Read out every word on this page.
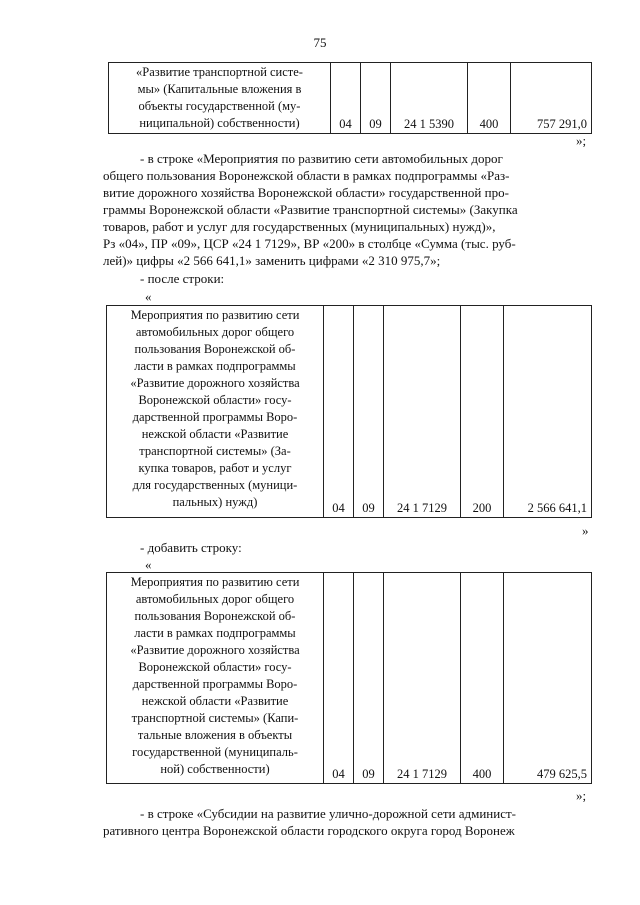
75
«Развитие транспортной систе-
мы» (Капитальные вложения в
объекты государственной (му-
ниципальной) собственности)	04	09	24 1 5390	400	757 291,0
»;
- в строке «Мероприятия по развитию сети автомобильных дорог
общего пользования Воронежской области в рамках подпрограммы «Раз-
витие дорожного хозяйства Воронежской области» государственной про-
граммы Воронежской области «Развитие транспортной системы» (Закупка
товаров, работ и услуг для государственных (муниципальных) нужд)»,
Рз «04», ПР «09», ЦСР «24 1 7129», ВР «200» в столбце «Сумма (тыс. руб-
лей)» цифры «2 566 641,1» заменить цифрами «2 310 975,7»;
- после строки:
«
Мероприятия по развитию сети
автомобильных дорог общего
пользования Воронежской об-
ласти в рамках подпрограммы
«Развитие дорожного хозяйства
Воронежской области» госу-
дарственной программы Воро-
нежской области «Развитие
транспортной системы» (За-
купка товаров, работ и услуг
для государственных (муници-
пальных) нужд)	04	09	24 1 7129	200	2 566 641,1
»
- добавить строку:
«
Мероприятия по развитию сети
автомобильных дорог общего
пользования Воронежской об-
ласти в рамках подпрограммы
«Развитие дорожного хозяйства
Воронежской области» госу-
дарственной программы Воро-
нежской области «Развитие
транспортной системы» (Капи-
тальные вложения в объекты
государственной (муниципаль-
ной) собственности)	04	09	24 1 7129	400	479 625,5
»;
- в строке «Субсидии на развитие улично-дорожной сети админист-
ративного центра Воронежской области городского округа город Воронеж
